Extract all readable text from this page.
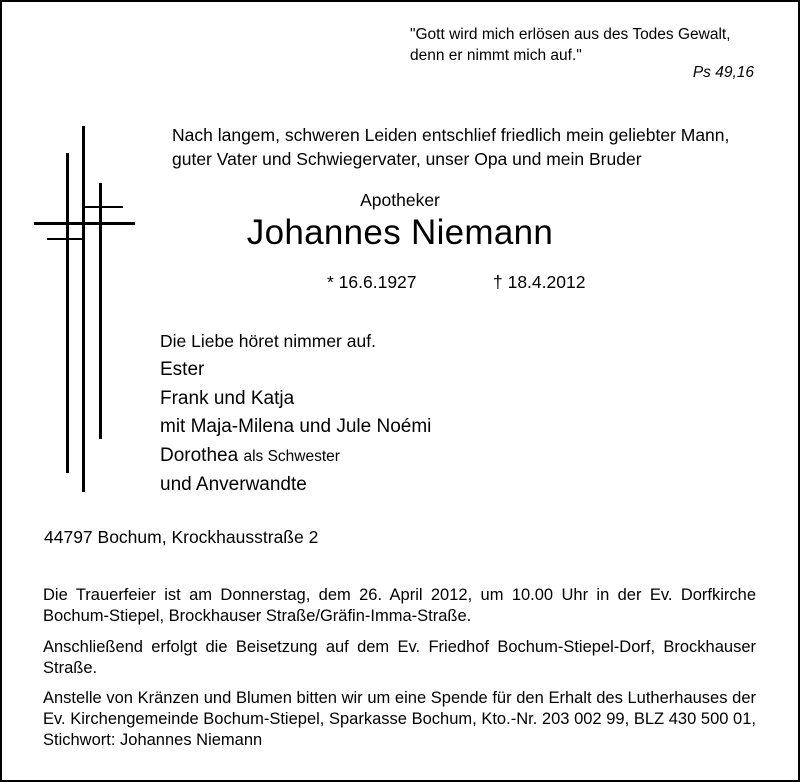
"Gott wird mich erlösen aus des Todes Gewalt,
denn er nimmt mich auf."
Ps 49,16
Nach langem, schweren Leiden entschlief friedlich mein geliebter Mann,
guter Vater und Schwiegervater, unser Opa und mein Bruder
Apotheker
Johannes Niemann
* 16.6.1927	† 18.4.2012
Die Liebe höret nimmer auf.
Ester
Frank und Katja
mit Maja-Milena und Jule Noémi
Dorothea als Schwester
und Anverwandte
44797 Bochum, Krockhausstraße 2
Die Trauerfeier ist am Donnerstag, dem 26. April 2012, um 10.00 Uhr in der Ev. Dorfkirche Bochum-Stiepel, Brockhauser Straße/Gräfin-Imma-Straße.
Anschließend erfolgt die Beisetzung auf dem Ev. Friedhof Bochum-Stiepel-Dorf, Brockhauser Straße.
Anstelle von Kränzen und Blumen bitten wir um eine Spende für den Erhalt des Lutherhauses der Ev. Kirchengemeinde Bochum-Stiepel, Sparkasse Bochum, Kto.-Nr. 203 002 99, BLZ 430 500 01, Stichwort: Johannes Niemann
